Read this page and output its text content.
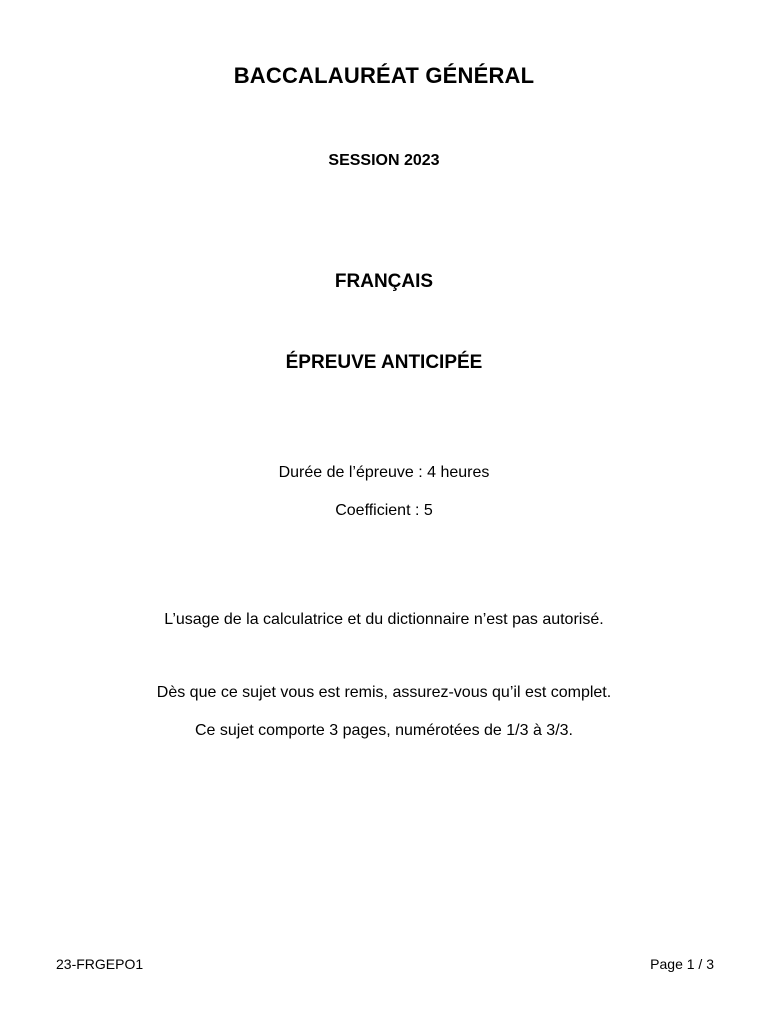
BACCALAURÉAT GÉNÉRAL
SESSION 2023
FRANÇAIS
ÉPREUVE ANTICIPÉE
Durée de l’épreuve : 4 heures
Coefficient : 5
L’usage de la calculatrice et du dictionnaire n’est pas autorisé.
Dès que ce sujet vous est remis, assurez-vous qu’il est complet.
Ce sujet comporte 3 pages, numérotées de 1/3 à 3/3.
23-FRGEPO1	Page 1 / 3
